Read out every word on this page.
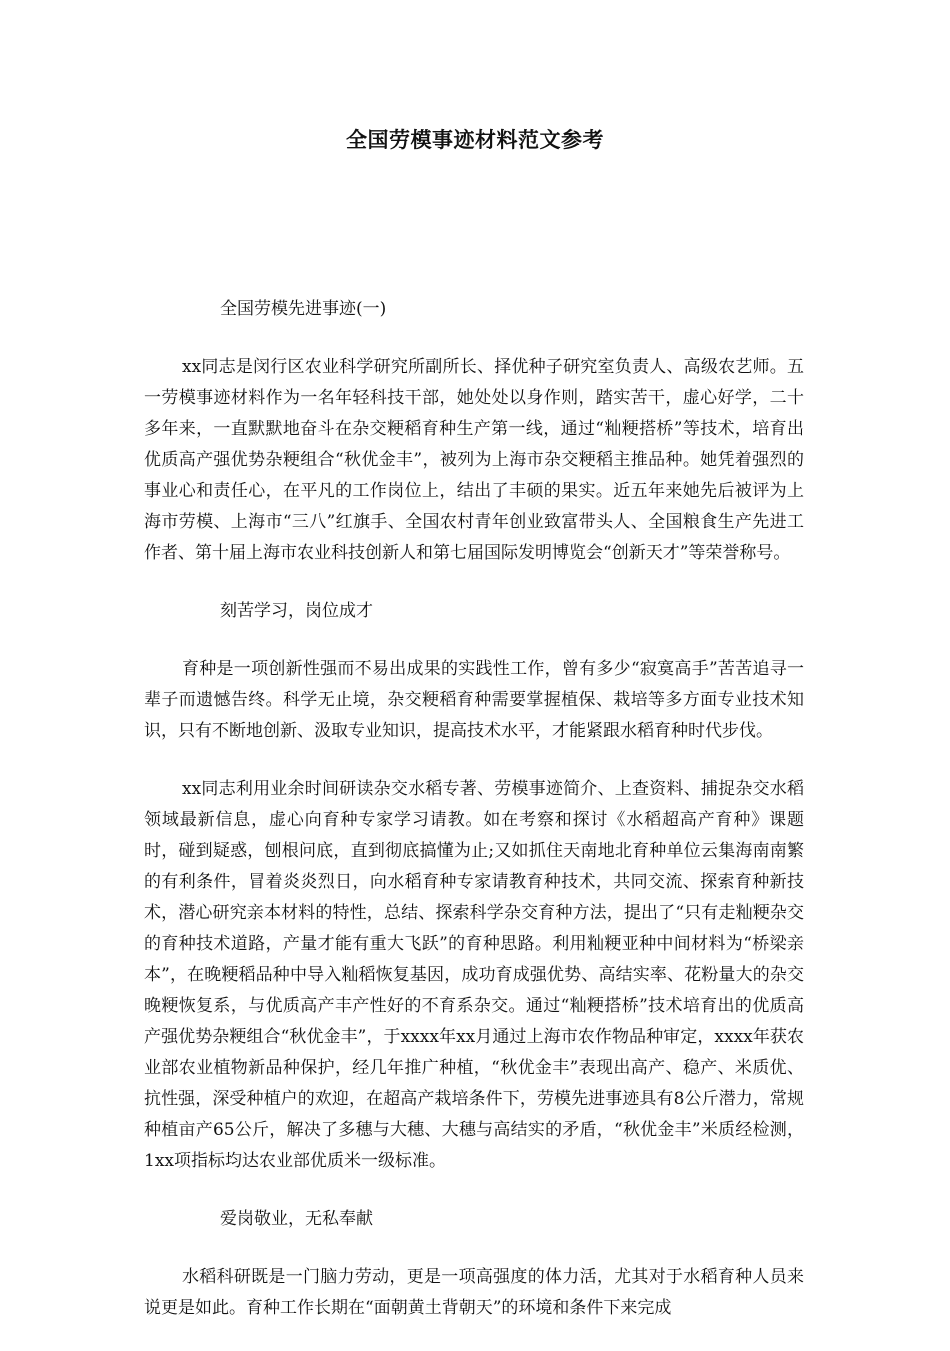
全国劳模事迹材料范文参考

全国劳模先进事迹(一)

xx同志是闵行区农业科学研究所副所长、择优种子研究室负责人、高级农艺师。五一劳模事迹材料作为一名年轻科技干部，她处处以身作则，踏实苦干，虚心好学，二十多年来，一直默默地奋斗在杂交粳稻育种生产第一线，通过“籼粳搭桥”等技术，培育出优质高产强优势杂粳组合“秋优金丰”，被列为上海市杂交粳稻主推品种。她凭着强烈的事业心和责任心，在平凡的工作岗位上，结出了丰硕的果实。近五年来她先后被评为上海市劳模、上海市“三八”红旗手、全国农村青年创业致富带头人、全国粮食生产先进工作者、第十届上海市农业科技创新人和第七届国际发明博览会“创新天才”等荣誉称号。

刻苦学习，岗位成才

育种是一项创新性强而不易出成果的实践性工作，曾有多少“寂寞高手”苦苦追寻一辈子而遗憾告终。科学无止境，杂交粳稻育种需要掌握植保、栽培等多方面专业技术知识，只有不断地创新、汲取专业知识，提高技术水平，才能紧跟水稻育种时代步伐。

xx同志利用业余时间研读杂交水稻专著、劳模事迹简介、上查资料、捕捉杂交水稻领域最新信息，虚心向育种专家学习请教。如在考察和探讨《水稻超高产育种》课题时，碰到疑惑，刨根问底，直到彻底搞懂为止;又如抓住天南地北育种单位云集海南南繁的有利条件，冒着炎炎烈日，向水稻育种专家请教育种技术，共同交流、探索育种新技术，潜心研究亲本材料的特性，总结、探索科学杂交育种方法，提出了“只有走籼粳杂交的育种技术道路，产量才能有重大飞跃”的育种思路。利用籼粳亚种中间材料为“桥梁亲本”，在晚粳稻品种中导入籼稻恢复基因，成功育成强优势、高结实率、花粉量大的杂交晚粳恢复系，与优质高产丰产性好的不育系杂交。通过“籼粳搭桥”技术培育出的优质高产强优势杂粳组合“秋优金丰”，于xxxx年xx月通过上海市农作物品种审定，xxxx年获农业部农业植物新品种保护，经几年推广种植，“秋优金丰”表现出高产、稳产、米质优、抗性强，深受种植户的欢迎，在超高产栽培条件下，劳模先进事迹具有8公斤潜力，常规种植亩产65公斤，解决了多穗与大穗、大穗与高结实的矛盾，“秋优金丰”米质经检测，1xx项指标均达农业部优质米一级标准。

爱岗敬业，无私奉献

水稻科研既是一门脑力劳动，更是一项高强度的体力活，尤其对于水稻育种人员来说更是如此。育种工作长期在“面朝黄土背朝天”的环境和条件下来完成
